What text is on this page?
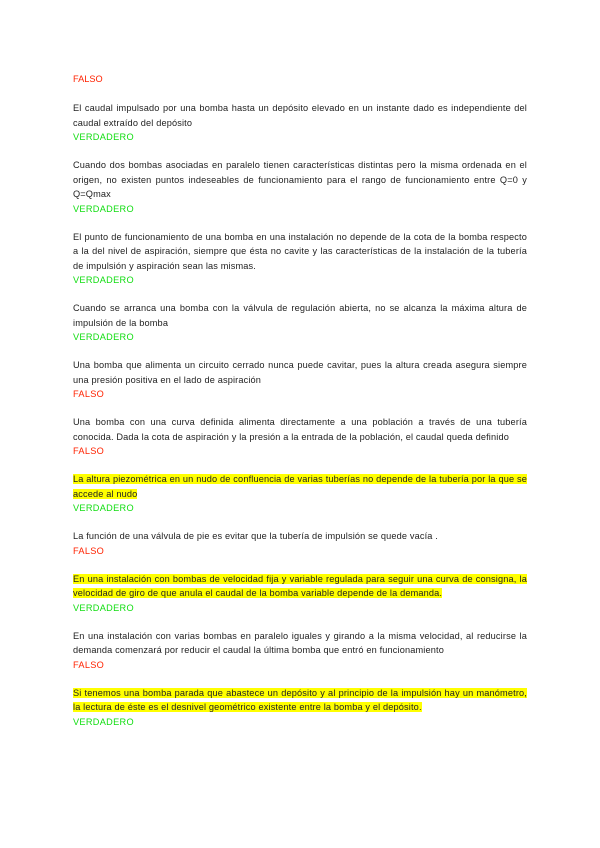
FALSO
El caudal impulsado por una bomba hasta un depósito elevado en un instante dado es independiente del caudal extraído del depósito
VERDADERO
Cuando dos bombas asociadas en paralelo tienen características distintas pero la misma ordenada en el origen, no existen puntos indeseables de funcionamiento para el rango de funcionamiento entre Q=0 y Q=Qmax
VERDADERO
El punto de funcionamiento de una bomba en una instalación no depende de la cota de la bomba respecto a la del nivel de aspiración, siempre que ésta no cavite y las características de la instalación de la tubería de impulsión y aspiración sean las mismas.
VERDADERO
Cuando se arranca una bomba con la válvula de regulación abierta, no se alcanza la máxima altura de impulsión de la bomba
VERDADERO
Una bomba que alimenta un circuito cerrado nunca puede cavitar, pues la altura creada asegura siempre una presión positiva en el lado de aspiración
FALSO
Una bomba con una curva definida alimenta directamente a una población a través de una tubería conocida. Dada la cota de aspiración y la presión a la entrada de la población, el caudal queda definido
FALSO
La altura piezométrica en un nudo de confluencia de varias tuberías no depende de la tubería por la que se accede al nudo
VERDADERO
La función de una válvula de pie es evitar que la tubería de impulsión se quede vacía .
FALSO
En una instalación con bombas de velocidad fija y variable regulada para seguir una curva de consigna, la velocidad de giro de que anula el caudal de la bomba variable depende de la demanda.
VERDADERO
En una instalación con varias bombas en paralelo iguales y girando a la misma velocidad, al reducirse la demanda comenzará por reducir el caudal la última bomba que entró en funcionamiento
FALSO
Si tenemos una bomba parada que abastece un depósito y al principio de la impulsión hay un manómetro, la lectura de éste es el desnivel geométrico existente entre la bomba y el depósito.
VERDADERO
